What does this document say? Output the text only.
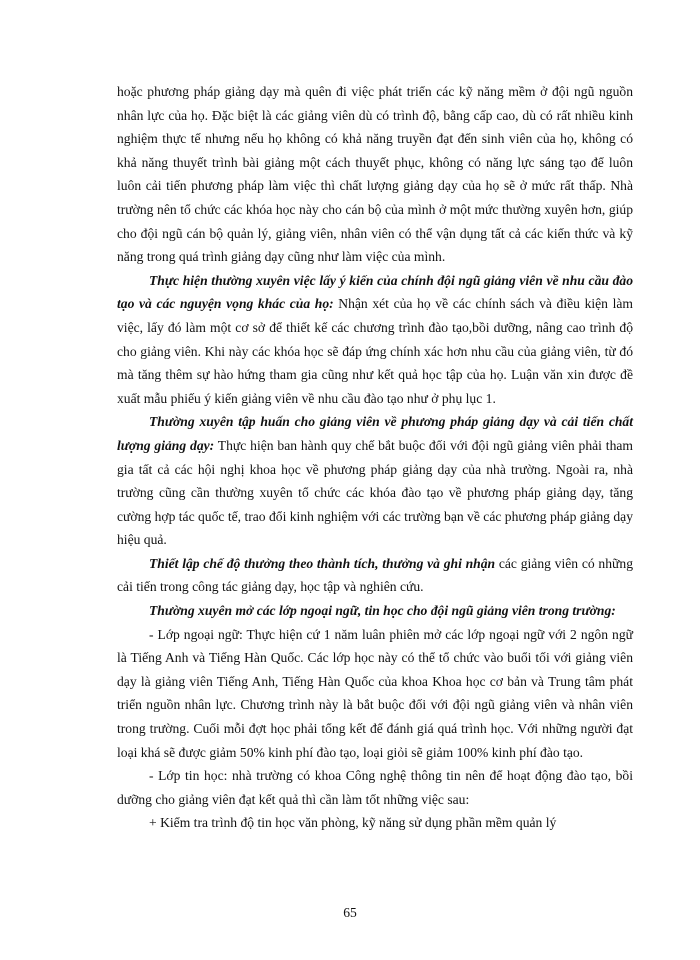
hoặc phương pháp giảng dạy mà quên đi việc phát triển các kỹ năng mềm ở đội ngũ nguồn nhân lực của họ. Đặc biệt là các giảng viên dù có trình độ, bằng cấp cao, dù có rất nhiều kinh nghiệm thực tế nhưng nếu họ không có khả năng truyền đạt đến sinh viên của họ, không có khả năng thuyết trình bài giảng một cách thuyết phục, không có năng lực sáng tạo để luôn luôn cải tiến phương pháp làm việc thì chất lượng giảng dạy của họ sẽ ở mức rất thấp. Nhà trường nên tổ chức các khóa học này cho cán bộ của mình ở một mức thường xuyên hơn, giúp cho đội ngũ cán bộ quản lý, giảng viên, nhân viên có thể vận dụng tất cả các kiến thức và kỹ năng trong quá trình giảng dạy cũng như làm việc của mình.

Thực hiện thường xuyên việc lấy ý kiến của chính đội ngũ giảng viên về nhu cầu đào tạo và các nguyện vọng khác của họ: Nhận xét của họ về các chính sách và điều kiện làm việc, lấy đó làm một cơ sở để thiết kế các chương trình đào tạo,bồi dưỡng, nâng cao trình độ cho giảng viên. Khi này các khóa học sẽ đáp ứng chính xác hơn nhu cầu của giảng viên, từ đó mà tăng thêm sự hào hứng tham gia cũng như kết quả học tập của họ. Luận văn xin được đề xuất mẫu phiếu ý kiến giảng viên về nhu cầu đào tạo như ở phụ lục 1.

Thường xuyên tập huấn cho giảng viên về phương pháp giảng dạy và cải tiến chất lượng giảng dạy: Thực hiện ban hành quy chế bắt buộc đối với đội ngũ giảng viên phải tham gia tất cả các hội nghị khoa học về phương pháp giảng dạy của nhà trường. Ngoài ra, nhà trường cũng cần thường xuyên tổ chức các khóa đào tạo về phương pháp giảng dạy, tăng cường hợp tác quốc tế, trao đổi kinh nghiệm với các trường bạn về các phương pháp giảng dạy hiệu quả.

Thiết lập chế độ thưởng theo thành tích, thưởng và ghi nhận các giảng viên có những cải tiến trong công tác giảng dạy, học tập và nghiên cứu.

Thường xuyên mở các lớp ngoại ngữ, tin học cho đội ngũ giảng viên trong trường:

- Lớp ngoại ngữ: Thực hiện cứ 1 năm luân phiên mở các lớp ngoại ngữ với 2 ngôn ngữ là Tiếng Anh và Tiếng Hàn Quốc. Các lớp học này có thể tổ chức vào buổi tối với giảng viên dạy là giảng viên Tiếng Anh, Tiếng Hàn Quốc của khoa Khoa học cơ bản và Trung tâm phát triển nguồn nhân lực. Chương trình này là bắt buộc đối với đội ngũ giảng viên và nhân viên trong trường. Cuối mỗi đợt học phải tổng kết để đánh giá quá trình học. Với những người đạt loại khá sẽ được giảm 50% kinh phí đào tạo, loại giỏi sẽ giảm 100% kinh phí đào tạo.

- Lớp tin học: nhà trường có khoa Công nghệ thông tin nên để hoạt động đào tạo, bồi dưỡng cho giảng viên đạt kết quả thì cần làm tốt những việc sau:

+ Kiểm tra trình độ tin học văn phòng, kỹ năng sử dụng phần mềm quản lý

65
